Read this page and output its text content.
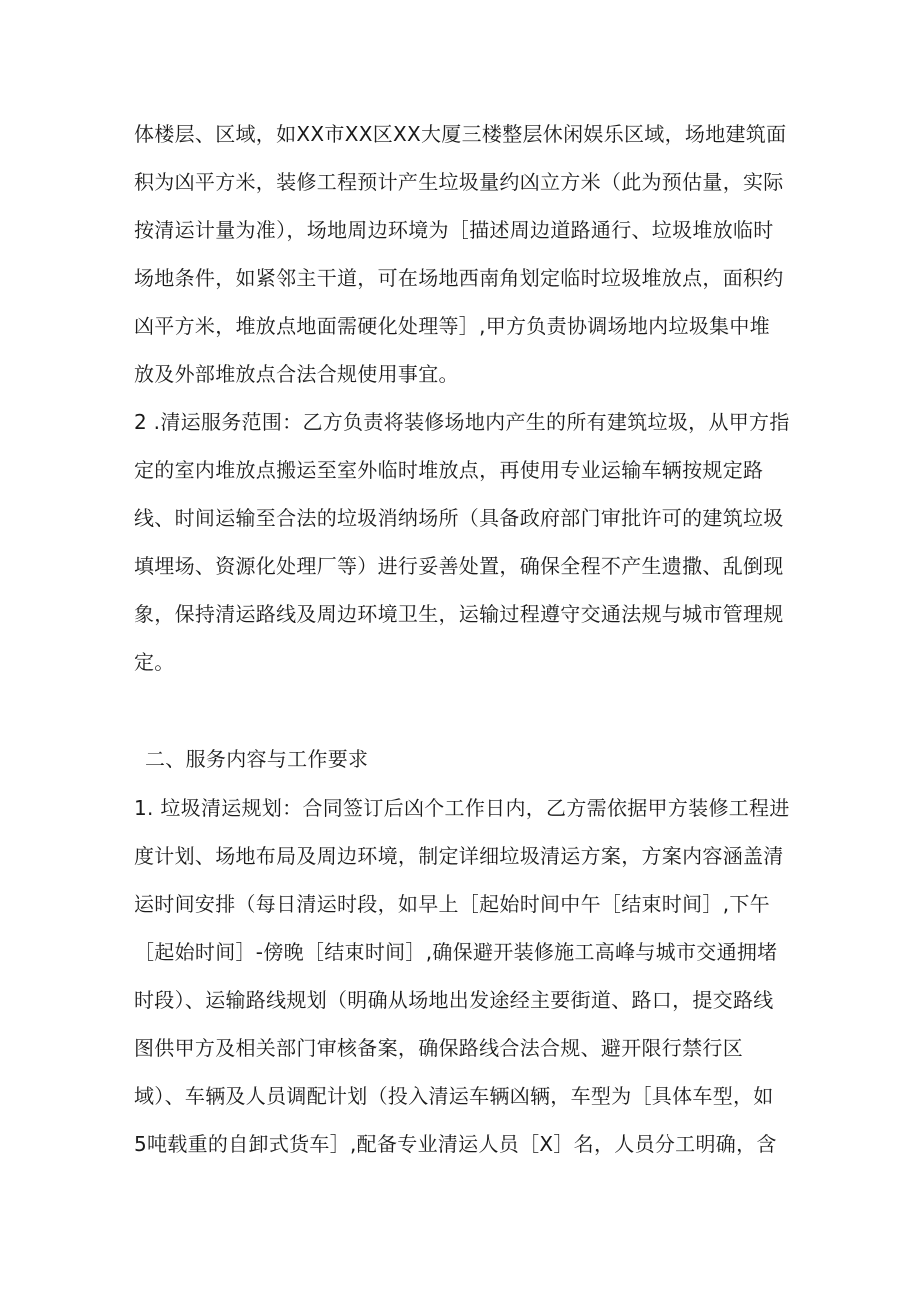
体楼层、区域，如XX市XX区XX大厦三楼整层休闲娱乐区域，场地建筑面

积为凶平方米，装修工程预计产生垃圾量约凶立方米（此为预估量，实际

按清运计量为准），场地周边环境为［描述周边道路通行、垃圾堆放临时

场地条件，如紧邻主干道，可在场地西南角划定临时垃圾堆放点，面积约

凶平方米，堆放点地面需硬化处理等］,甲方负责协调场地内垃圾集中堆

放及外部堆放点合法合规使用事宜。

2 .清运服务范围：乙方负责将装修场地内产生的所有建筑垃圾，从甲方指

定的室内堆放点搬运至室外临时堆放点，再使用专业运输车辆按规定路

线、时间运输至合法的垃圾消纳场所（具备政府部门审批许可的建筑垃圾

填埋场、资源化处理厂等）进行妥善处置，确保全程不产生遗撒、乱倒现

象，保持清运路线及周边环境卫生，运输过程遵守交通法规与城市管理规

定。

二、服务内容与工作要求

1. 垃圾清运规划：合同签订后凶个工作日内，乙方需依据甲方装修工程进

度计划、场地布局及周边环境，制定详细垃圾清运方案，方案内容涵盖清

运时间安排（每日清运时段，如早上［起始时间中午［结束时间］,下午

［起始时间］-傍晚［结束时间］,确保避开装修施工高峰与城市交通拥堵

时段）、运输路线规划（明确从场地出发途经主要街道、路口，提交路线

图供甲方及相关部门审核备案，确保路线合法合规、避开限行禁行区

域）、车辆及人员调配计划（投入清运车辆凶辆，车型为［具体车型，如

5吨载重的自卸式货车］,配备专业清运人员［X］名，人员分工明确，含
